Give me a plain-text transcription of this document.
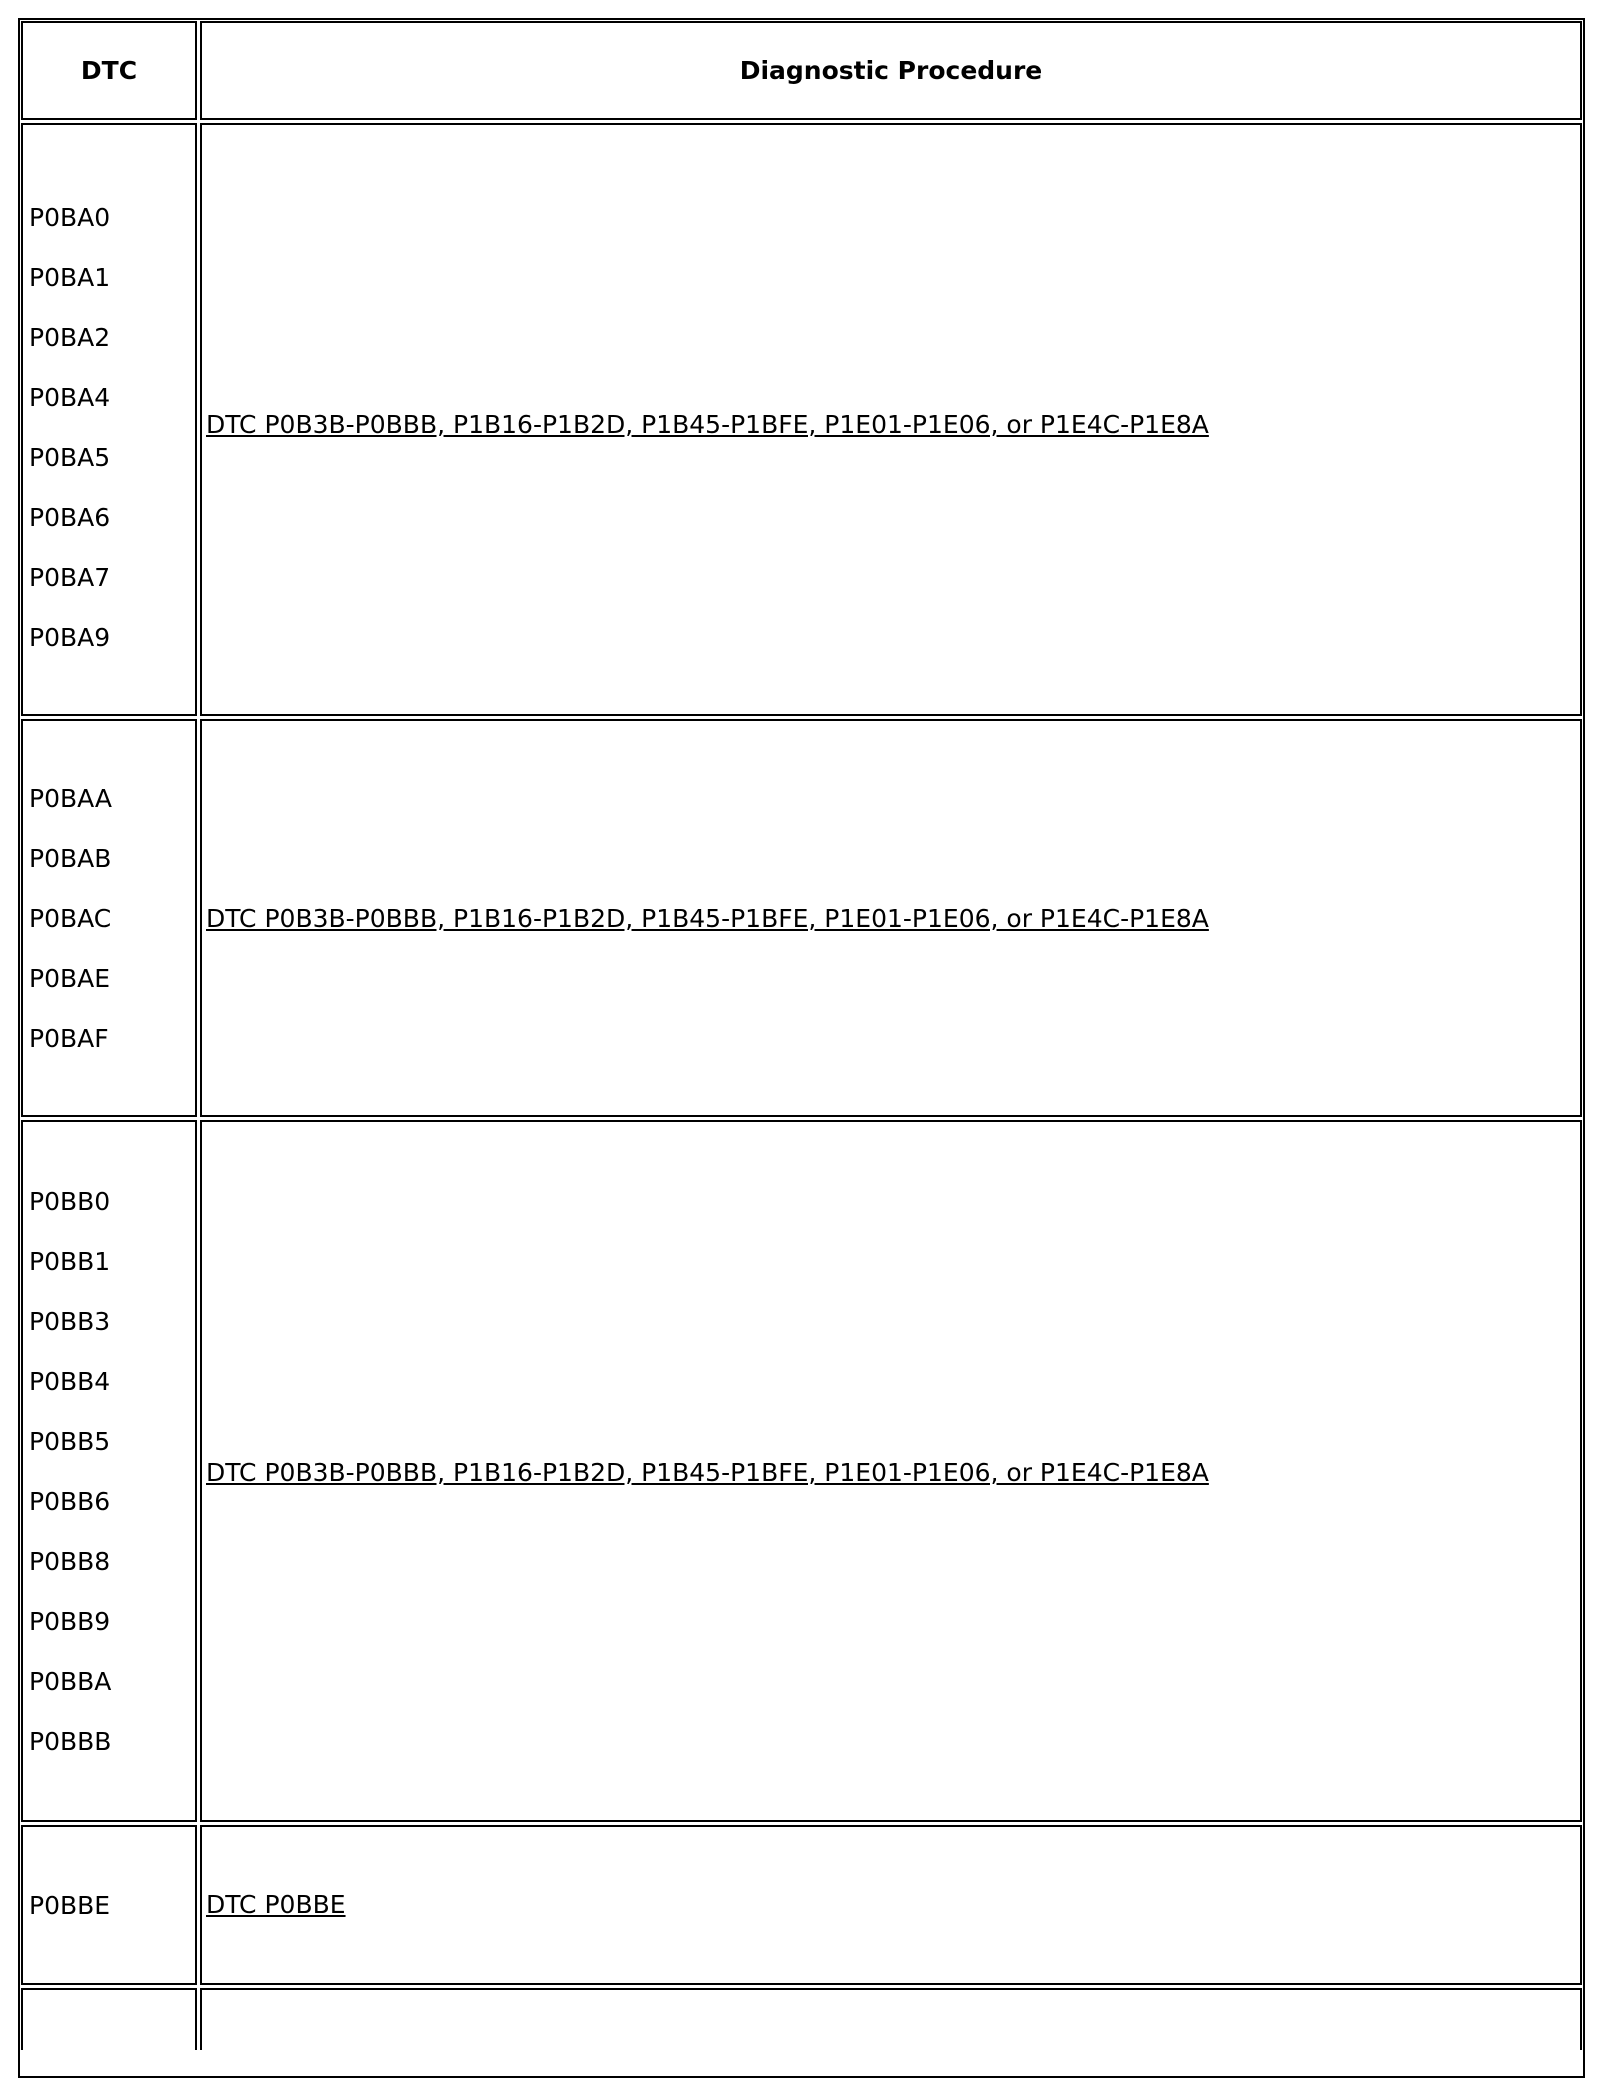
DTC	Diagnostic Procedure
P0BA0
P0BA1
P0BA2
P0BA4
P0BA5
P0BA6
P0BA7
P0BA9
DTC P0B3B-P0BBB, P1B16-P1B2D, P1B45-P1BFE, P1E01-P1E06, or P1E4C-P1E8A
P0BAA
P0BAB
P0BAC
P0BAE
P0BAF
DTC P0B3B-P0BBB, P1B16-P1B2D, P1B45-P1BFE, P1E01-P1E06, or P1E4C-P1E8A
P0BB0
P0BB1
P0BB3
P0BB4
P0BB5
P0BB6
P0BB8
P0BB9
P0BBA
P0BBB
DTC P0B3B-P0BBB, P1B16-P1B2D, P1B45-P1BFE, P1E01-P1E06, or P1E4C-P1E8A
P0BBE	DTC P0BBE
